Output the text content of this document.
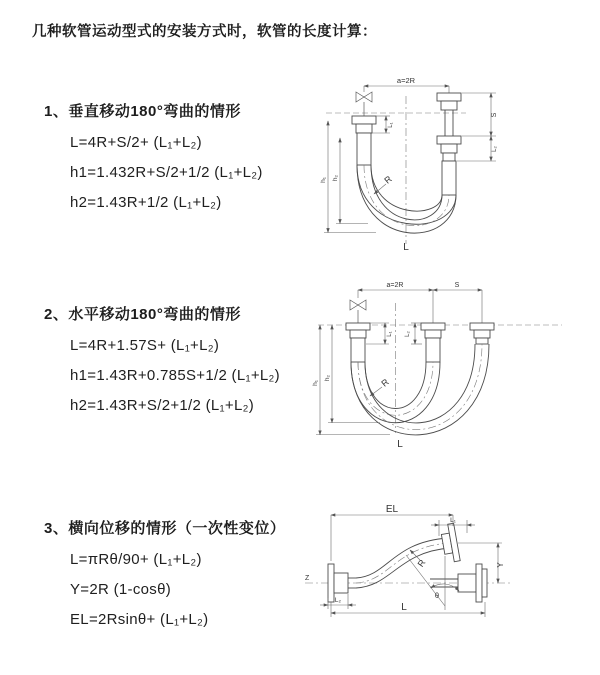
几种软管运动型式的安装方式时，软管的长度计算：
1、垂直移动180°弯曲的情形

L=4R+S/2+ (L₁+L₂)

h1=1.432R+S/2+1/2 (L₁+L₂)

h2=1.43R+1/2 (L₁+L₂)

2、水平移动180°弯曲的情形

L=4R+1.57S+ (L₁+L₂)

h1=1.43R+0.785S+1/2 (L₁+L₂)

h2=1.43R+S/2+1/2 (L₁+L₂)

3、横向位移的情形（一次性变位）

L=πRθ/90+ (L₁+L₂)

Y=2R (1-cosθ)

EL=2Rsinθ+ (L₁+L₂)

a=2R
h₁ h₂
L₁
S
L₂
R
L
a=2R	S
h₁
h₂
L₁ L₂
R
L
Z
θ
R
EL
L₁
Y
L₂
L
